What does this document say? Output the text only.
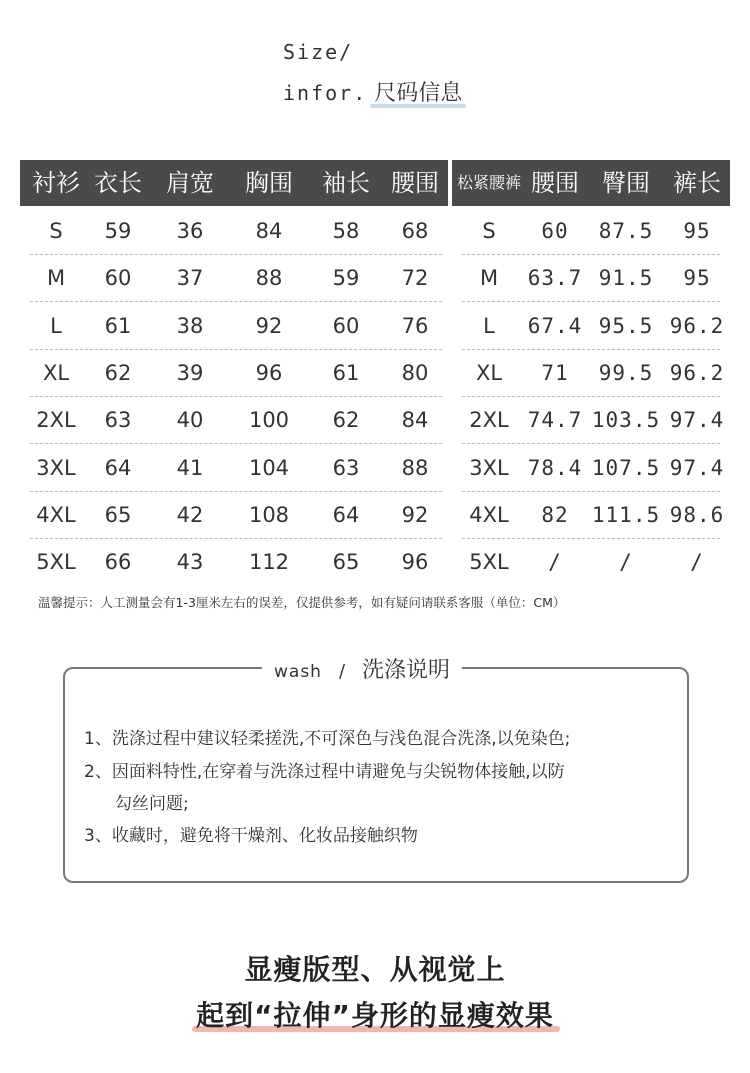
Size/
infor. 尺码信息
衬衫 衣长 肩宽 胸围 袖长 腰围 松紧腰裤 腰围 臀围 裤长
S 59 36 84 58 68	S 60 87.5 95
M 60 37 88 59 72 M 63.7 91.5 95
L 61 38 92 60 76	L 67.4 95.5 96.2
XL 62 39 96 61 80 XL 71 99.5 96.2
2XL 63 40 100 62 84 2XL 74.7 103.5 97.4
3XL 64 41 104 63 88 3XL 78.4 107.5 97.4
4XL 65 42 108 64 92 4XL 82 111.5 98.6
5XL 66 43 112 65 96 5XL /	/	/
温馨提示：人工测量会有1-3厘米左右的误差，仅提供参考，如有疑问请联系客服（单位：CM）
wash / 洗涤说明
1、洗涤过程中建议轻柔搓洗,不可深色与浅色混合洗涤,以免染色;
2、因面料特性,在穿着与洗涤过程中请避免与尖锐物体接触,以防
勾丝问题;
3、收藏时，避免将干燥剂、化妆品接触织物
显瘦版型、从视觉上
起到“拉伸”身形的显瘦效果
